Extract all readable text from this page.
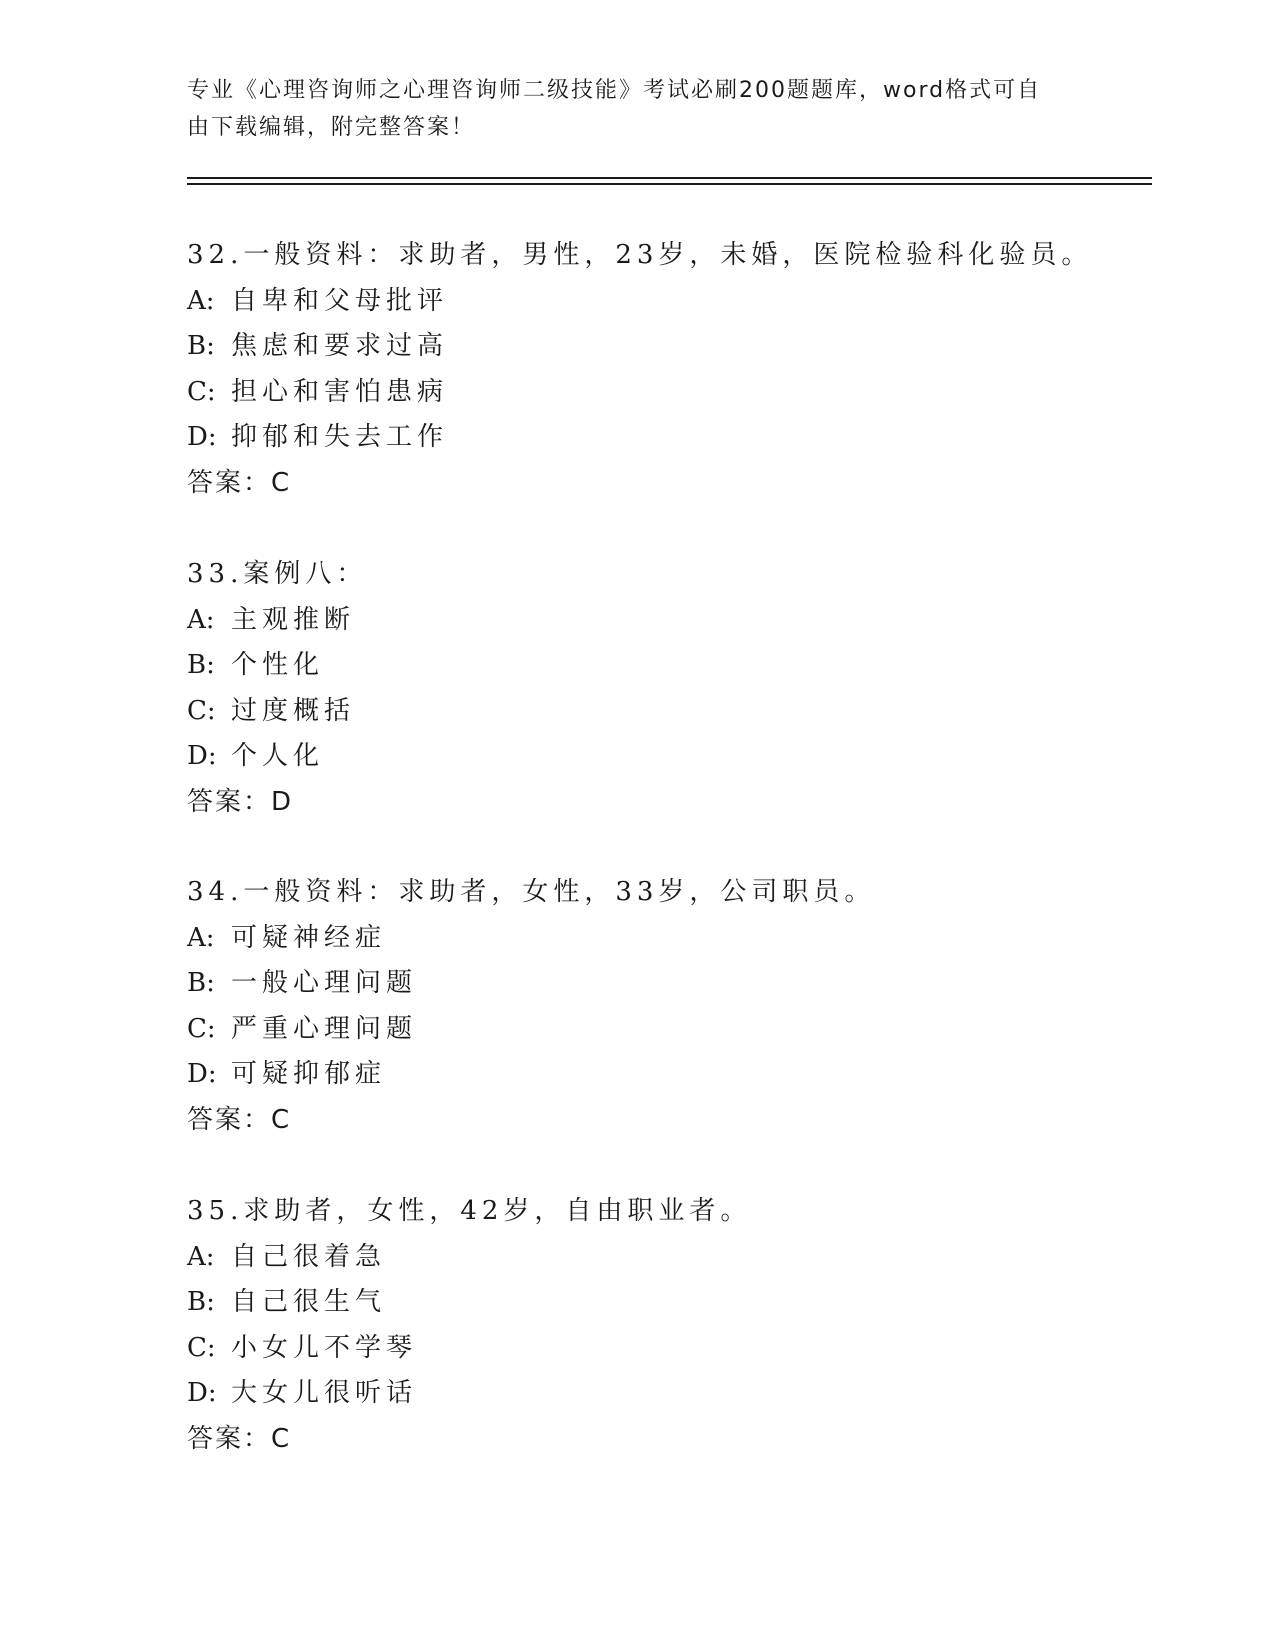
专业《心理咨询师之心理咨询师二级技能》考试必刷200题题库，word格式可自
由下载编辑，附完整答案！
32.一般资料：求助者，男性，23岁，未婚，医院检验科化验员。
A: 自卑和父母批评
B: 焦虑和要求过高
C: 担心和害怕患病
D: 抑郁和失去工作
答案：C
33.案例八：
A: 主观推断
B: 个性化
C: 过度概括
D: 个人化
答案：D
34.一般资料：求助者，女性，33岁，公司职员。
A: 可疑神经症
B: 一般心理问题
C: 严重心理问题
D: 可疑抑郁症
答案：C
35.求助者，女性，42岁，自由职业者。
A: 自己很着急
B: 自己很生气
C: 小女儿不学琴
D: 大女儿很听话
答案：C
